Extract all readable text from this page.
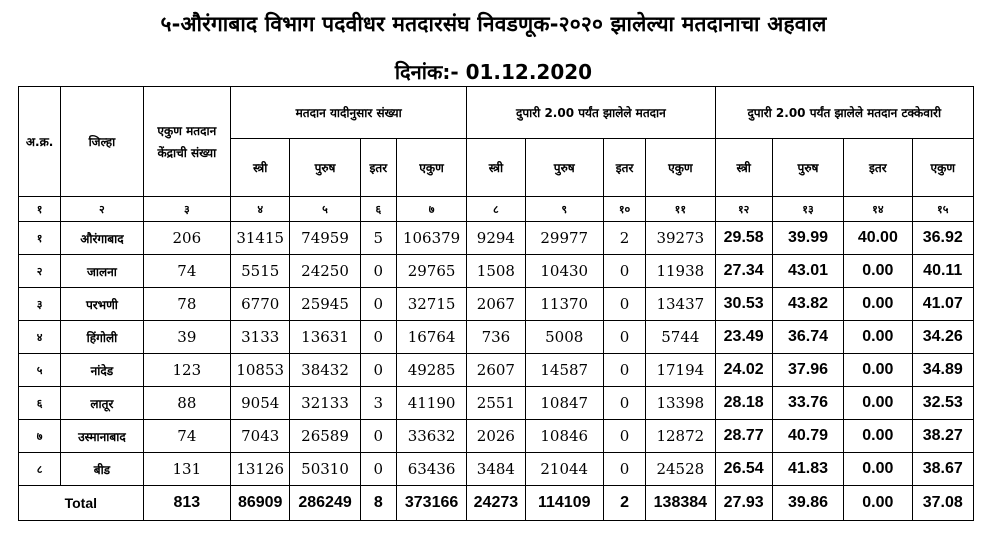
५-औरंगाबाद विभाग पदवीधर मतदारसंघ निवडणूक-२०२० झालेल्या मतदानाचा अहवाल
दिनांक:- 01.12.2020
अ.क्र.	जिल्हा	एकुण मतदान केंद्राची संख्या	मतदान यादीनुसार संख्या				दुपारी 2.00 पर्यंत झालेले मतदान				दुपारी 2.00 पर्यंत झालेले मतदान टक्केवारी			
			स्त्री	पुरुष	इतर	एकुण	स्त्री	पुरुष	इतर	एकुण	स्त्री	पुरुष	इतर	एकुण
१	२	३	४	५	६	७	८	९	१०	११	१२	१३	१४	१५
१	औरंगाबाद	206	31415	74959	5	106379	9294	29977	2	39273	29.58	39.99	40.00	36.92
२	जालना	74	5515	24250	0	29765	1508	10430	0	11938	27.34	43.01	0.00	40.11
३	परभणी	78	6770	25945	0	32715	2067	11370	0	13437	30.53	43.82	0.00	41.07
४	हिंगोली	39	3133	13631	0	16764	736	5008	0	5744	23.49	36.74	0.00	34.26
५	नांदेड	123	10853	38432	0	49285	2607	14587	0	17194	24.02	37.96	0.00	34.89
६	लातूर	88	9054	32133	3	41190	2551	10847	0	13398	28.18	33.76	0.00	32.53
७	उस्मानाबाद	74	7043	26589	0	33632	2026	10846	0	12872	28.77	40.79	0.00	38.27
८	बीड	131	13126	50310	0	63436	3484	21044	0	24528	26.54	41.83	0.00	38.67
Total		813	86909	286249	8	373166	24273	114109	2	138384	27.93	39.86	0.00	37.08
